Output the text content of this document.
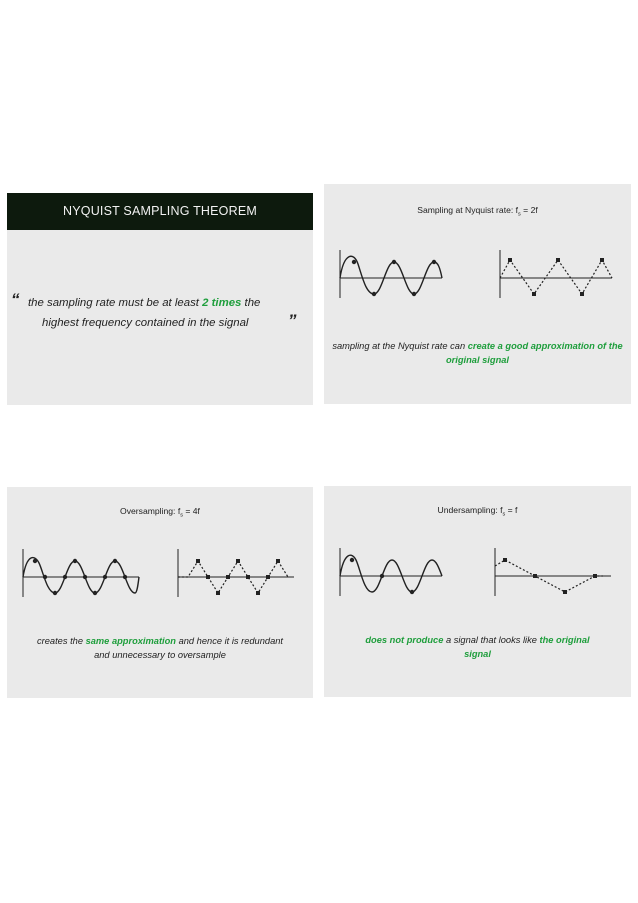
NYQUIST SAMPLING THEOREM
“ the sampling rate must be at least 2 times the
highest frequency contained in the signal ”
Sampling at Nyquist rate: $f_s = 2f$
sampling at the Nyquist rate can create a good approximation of the original signal
Oversampling: $f_s = 4f$
creates the same approximation and hence it is redundant
and unnecessary to oversample
Undersampling: $f_s = f$
does not produce a signal that looks like the original
signal
